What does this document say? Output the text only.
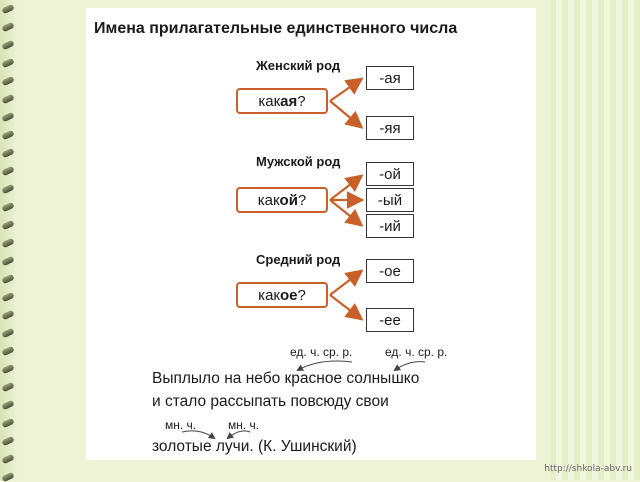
Имена прилагательные единственного числа
Женский род
как ая ?
-ая
-яя
Мужской род
как ой ?
-ой
-ый
-ий
Средний род
как ое ?
-ое
-ее
ед. ч. ср. р.	ед. ч. ср. р.
Выплыло на небо красное солнышко
и стало рассыпать повсюду свои
мн. ч.	мн. ч.
золотые лучи. (К. Ушинский)
http://shkola-abv.ru
